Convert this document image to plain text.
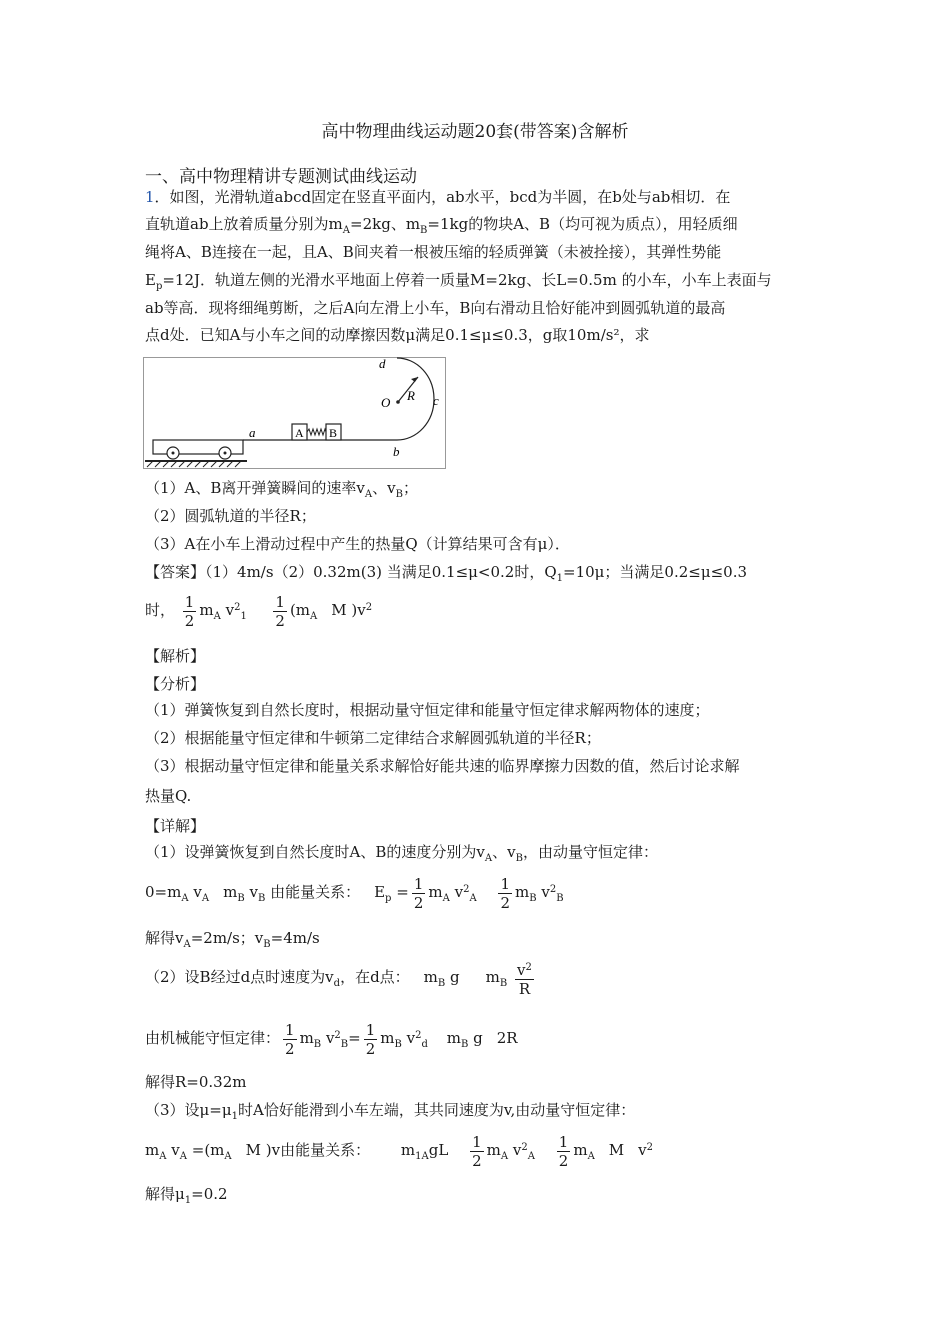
高中物理曲线运动题20套(带答案)含解析
一、高中物理精讲专题测试曲线运动
1．如图，光滑轨道abcd固定在竖直平面内，ab水平，bcd为半圆，在b处与ab相切．在
直轨道ab上放着质量分别为$m_A=2kg$、$m_B=1kg$的物块A、B（均可视为质点），用轻质细
绳将A、B连接在一起，且A、B间夹着一根被压缩的轻质弹簧（未被拴接），其弹性势能
$E_p=12J$．轨道左侧的光滑水平地面上停着一质量M=2kg、长L=0.5m 的小车，小车上表面与
ab等高．现将细绳剪断，之后A向左滑上小车，B向右滑动且恰好能冲到圆弧轨道的最高
点d处．已知A与小车之间的动摩擦因数μ满足0.1≤μ≤0.3，g取10m/s²，求
A B
O R
d
c
a
b
（1）A、B离开弹簧瞬间的速率$v_A$、$v_B$；
（2）圆弧轨道的半径R；
（3）A在小车上滑动过程中产生的热量Q（计算结果可含有μ）．
【答案】（1）4m/s（2）0.32m(3) 当满足0.1≤μ<0.2时，$Q_1=10\mu$；当满足0.2≤μ≤0.3
时， $\frac{1}{2} m_A$ $v^2_1 \frac{1}{2} (m_A$ M )$v^2$
【解析】
【分析】
（1）弹簧恢复到自然长度时，根据动量守恒定律和能量守恒定律求解两物体的速度；
（2）根据能量守恒定律和牛顿第二定律结合求解圆弧轨道的半径R；
（3）根据动量守恒定律和能量关系求解恰好能共速的临界摩擦力因数的值，然后讨论求解
热量Q.
【详解】
（1）设弹簧恢复到自然长度时A、B的速度分别为$v_A$、$v_B$，由动量守恒定律：
$0=m_A$ $v_A$ $m_B$ $v_B$ 由能量关系： $E_p = \frac{1}{2} m_A$ $v^2_A \frac{1}{2} m_B$ $v^2_B$
解得$v_A=2m/s$；$v_B=4m/s$
（2）设B经过d点时速度为$v_d$，在d点： $m_B$ g $m_B \frac{v^2}{R}$
由机械能守恒定律： $\frac{1}{2} m_B$ $v^2_B= \frac{1}{2} m_B$ $v^2_d$ $m_B$ g 2R
解得R=0.32m
（3）设$\mu=\mu_1$时A恰好能滑到小车左端，其共同速度为v,由动量守恒定律：
$m_A$ $v_A =(m_A$ M )v由能量关系： $m_{1A}gL \frac{1}{2} m_A$ $v^2_A \frac{1}{2} m_A$ M $v^2$
解得$\mu_1=0.2$
